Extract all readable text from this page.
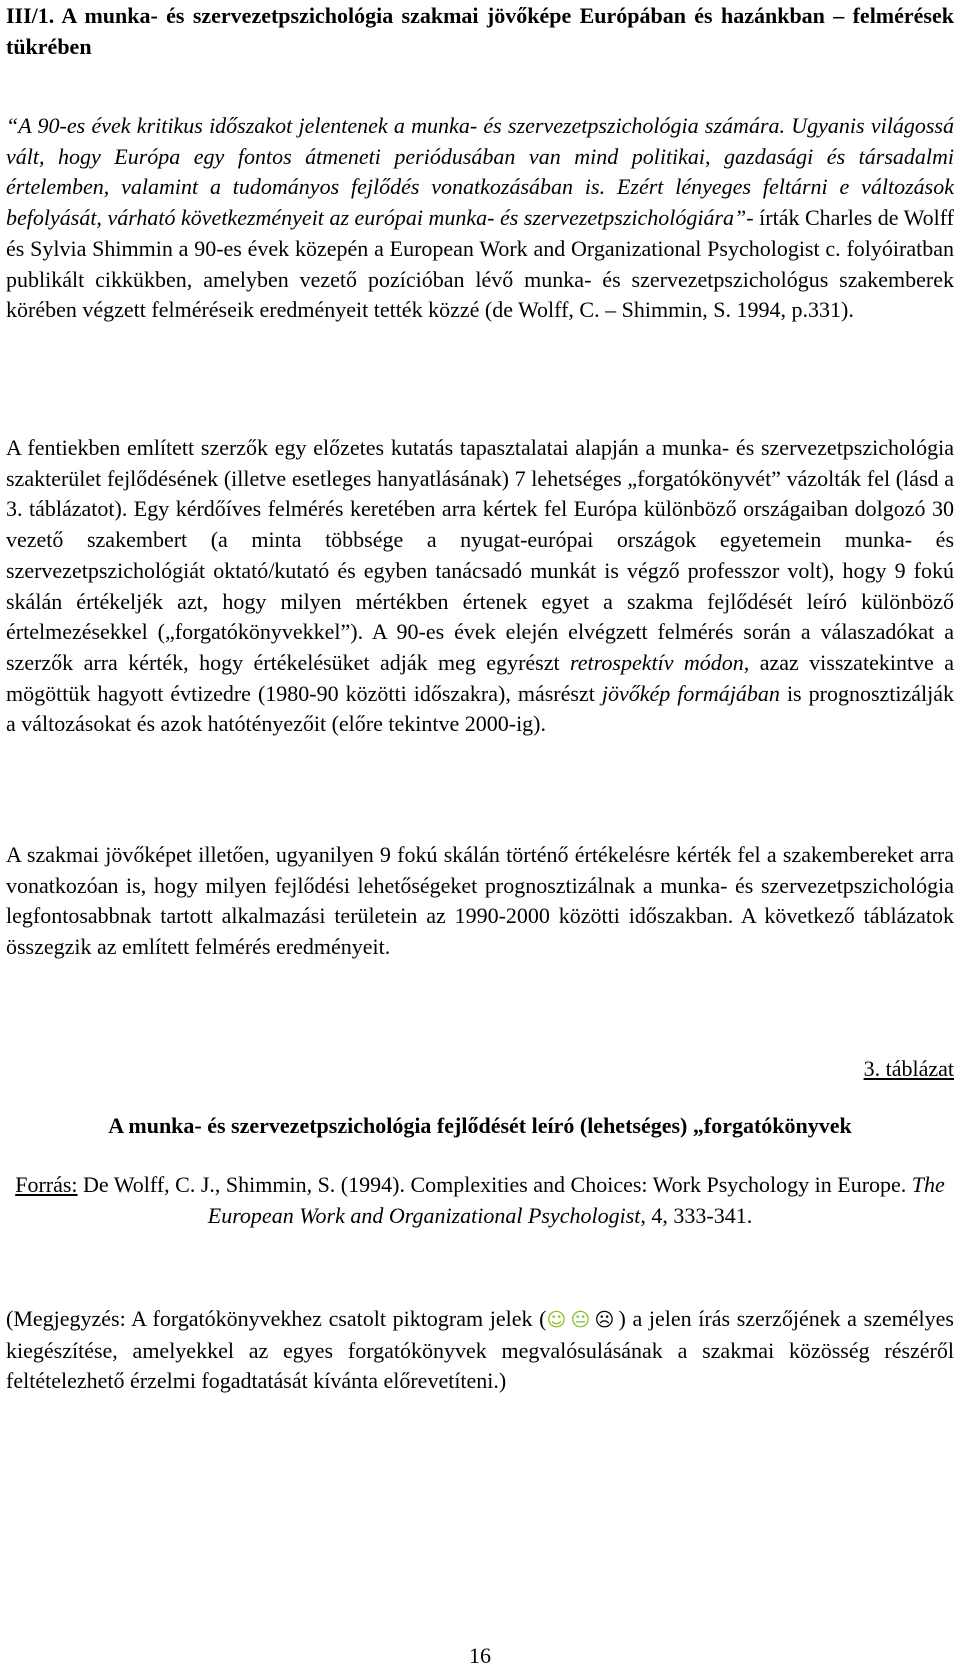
III/1. A munka- és szervezetpszichológia szakmai jövőképe Európában és hazánkban – felmérések tükrében

“A 90-es évek kritikus időszakot jelentenek a munka- és szervezetpszichológia számára. Ugyanis világossá vált, hogy Európa egy fontos átmeneti periódusában van mind politikai, gazdasági és társadalmi értelemben, valamint a tudományos fejlődés vonatkozásában is. Ezért lényeges feltárni e változások befolyását, várható következményeit az európai munka- és szervezetpszichológiára”- írták Charles de Wolff és Sylvia Shimmin a 90-es évek közepén a European Work and Organizational Psychologist c. folyóiratban publikált cikkükben, amelyben vezető pozícióban lévő munka- és szervezetpszichológus szakemberek körében végzett felméréseik eredményeit tették közzé (de Wolff, C. – Shimmin, S. 1994, p.331).

A fentiekben említett szerzők egy előzetes kutatás tapasztalatai alapján a munka- és szervezetpszichológia szakterület fejlődésének (illetve esetleges hanyatlásának) 7 lehetséges „forgatókönyvét” vázolták fel (lásd a 3. táblázatot). Egy kérdőíves felmérés keretében arra kértek fel Európa különböző országaiban dolgozó 30 vezető szakembert (a minta többsége a nyugat-európai országok egyetemein munka- és szervezetpszichológiát oktató/kutató és egyben tanácsadó munkát is végző professzor volt), hogy 9 fokú skálán értékeljék azt, hogy milyen mértékben értenek egyet a szakma fejlődését leíró különböző értelmezésekkel („forgatókönyvekkel”). A 90-es évek elején elvégzett felmérés során a válaszadókat a szerzők arra kérték, hogy értékelésüket adják meg egyrészt retrospektív módon, azaz visszatekintve a mögöttük hagyott évtizedre (1980-90 közötti időszakra), másrészt jövőkép formájában is prognosztizálják a változásokat és azok hatótényezőit (előre tekintve 2000-ig).

A szakmai jövőképet illetően, ugyanilyen 9 fokú skálán történő értékelésre kérték fel a szakembereket arra vonatkozóan is, hogy milyen fejlődési lehetőségeket prognosztizálnak a munka- és szervezetpszichológia legfontosabbnak tartott alkalmazási területein az 1990-2000 közötti időszakban. A következő táblázatok összegzik az említett felmérés eredményeit.

3. táblázat
A munka- és szervezetpszichológia fejlődését leíró (lehetséges) „forgatókönyvek
Forrás: De Wolff, C. J., Shimmin, S. (1994). Complexities and Choices: Work Psychology in Europe. The European Work and Organizational Psychologist, 4, 333-341.

(Megjegyzés: A forgatókönyvekhez csatolt piktogram jelek (☺ 😐 ☹ ) a jelen írás szerzőjének a személyes kiegészítése, amelyekkel az egyes forgatókönyvek megvalósulásának a szakmai közösség részéről feltételezhető érzelmi fogadtatását kívánta előrevetíteni.)

16
